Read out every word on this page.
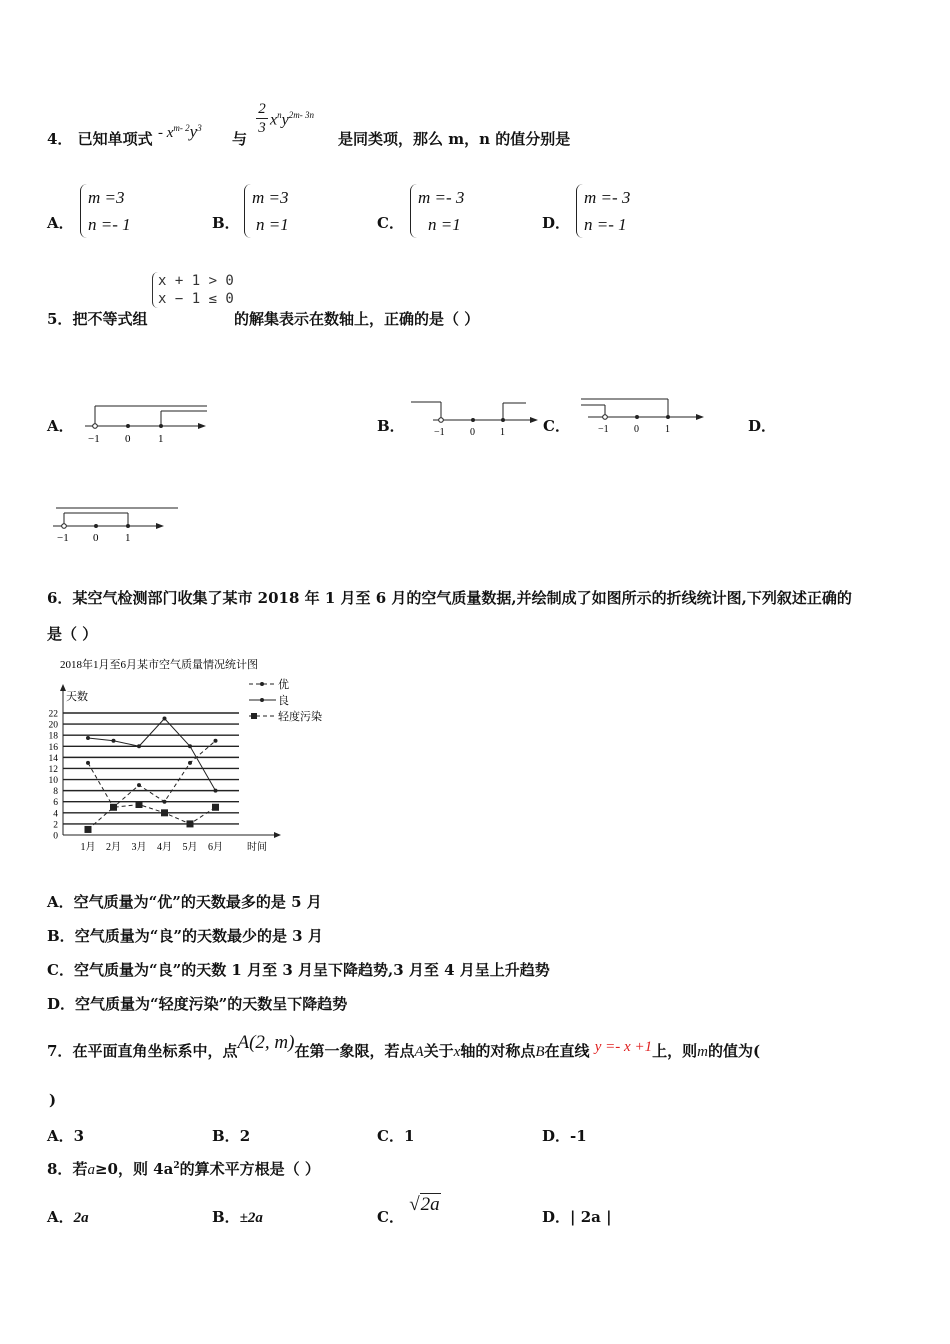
4． 已知单项式 - $x^{m- 2}y^3$
与
2
3 $x^ny^{2m- 3n}$
是同类项，那么 m，n 的值分别是
A．
m =3
n =- 1	B．
m =3
n =1	C．
m =- 3
n =1	D．
m =- 3
n =- 1
5．把不等式组
x + 1 > 0
x − 1 ≤ 0
的解集表示在数轴上，正确的是（ ）
A．
−1 0	1
B．	−1	0	1	C．	−1	0	1	D．
−1 0 1
6．某空气检测部门收集了某市 2018 年 1 月至 6 月的空气质量数据,并绘制成了如图所示的折线统计图,下列叙述正确的
是（ ）
2018年1月至6月某市空气质量情况统计图
天数
时间
0
2
4
6
8
10
12
14
16
18
20
22
1月 2月 3月 4月 5月 6月
优
良
轻度污染
A．空气质量为“优”的天数最多的是 5 月
B．空气质量为“良”的天数最少的是 3 月
C．空气质量为“良”的天数 1 月至 3 月呈下降趋势,3 月至 4 月呈上升趋势
D．空气质量为“轻度污染”的天数呈下降趋势
7．在平面直角坐标系中，点A(2, m)在第一象限，若点A关于x轴的对称点B在直线 y =- x +1上，则m的值为(
)
A．3	B．2	C．1	D．-1
8．若a≥0，则 $4a^2$的算术平方根是（ ）
A．2a	B．±2a	C． √2a
D．| 2a |
